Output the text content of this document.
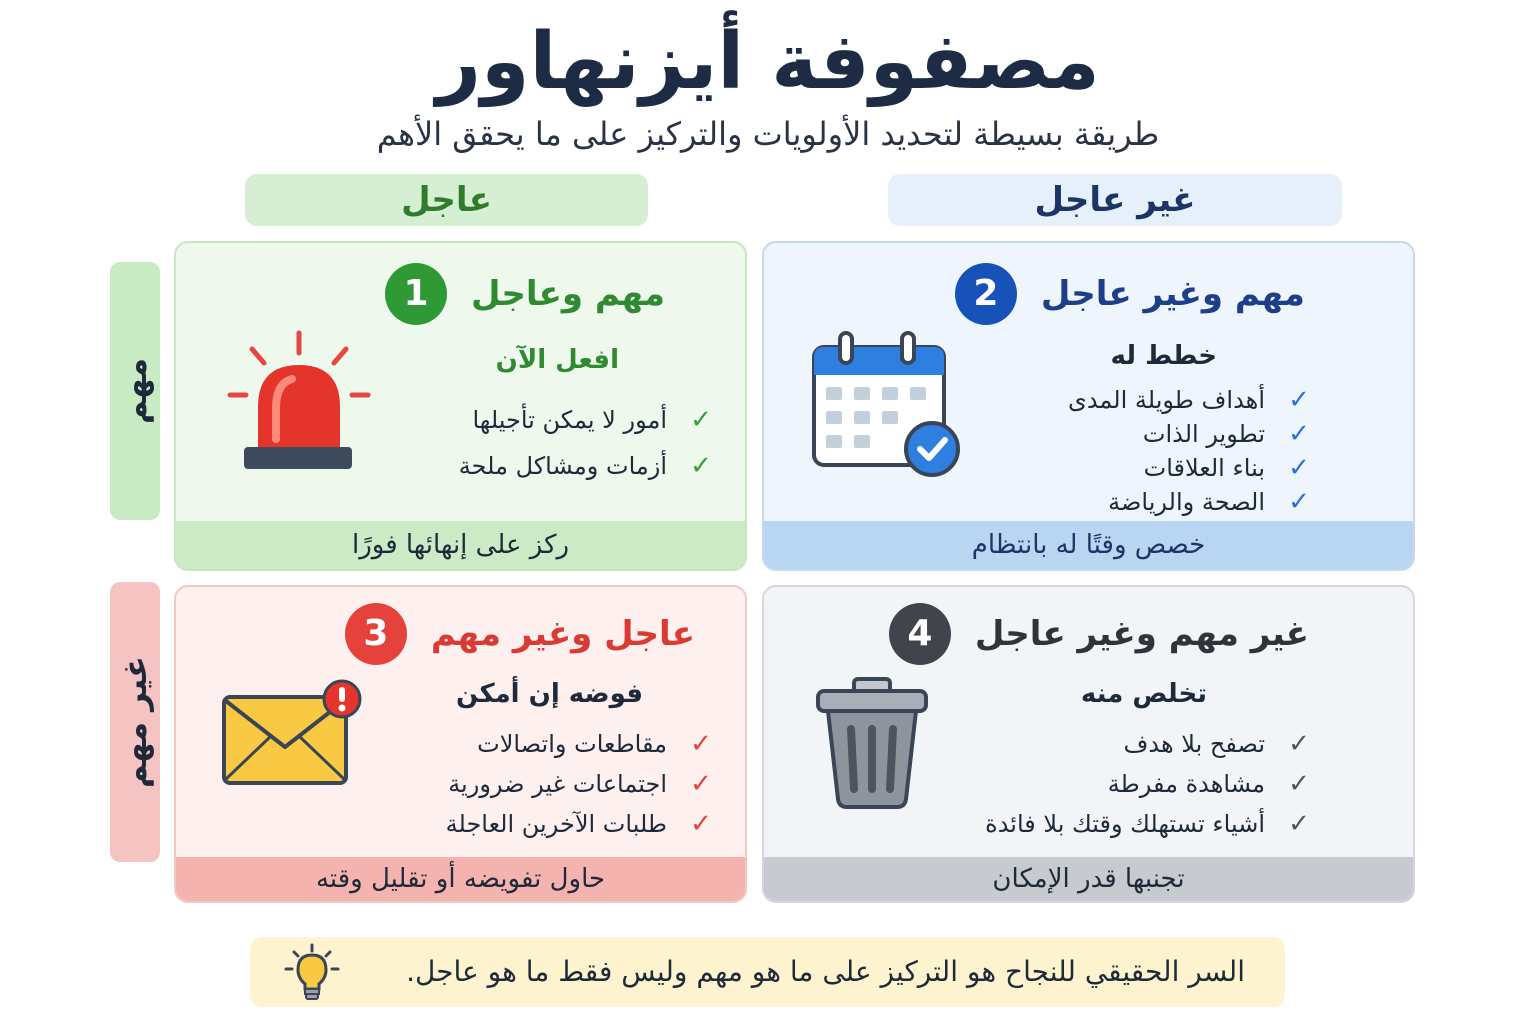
مصفوفة أيزنهاور
طريقة بسيطة لتحديد الأولويات والتركيز على ما يحقق الأهم
عاجل	غير عاجل
مهم
غير مهم
مهم وعاجل
1
افعل الآن
✓
أمور لا يمكن تأجيلها
✓
أزمات ومشاكل ملحة
ركز على إنهائها فورًا
مهم وغير عاجل
2
خطط له
✓
أهداف طويلة المدى
✓
تطوير الذات
✓
بناء العلاقات
✓
الصحة والرياضة
خصص وقتًا له بانتظام
عاجل وغير مهم
3
فوضه إن أمكن
✓
مقاطعات واتصالات
✓
اجتماعات غير ضرورية
✓
طلبات الآخرين العاجلة
حاول تفويضه أو تقليل وقته
غير مهم وغير عاجل
4
تخلص منه
✓
تصفح بلا هدف
✓
مشاهدة مفرطة
✓
أشياء تستهلك وقتك بلا فائدة
تجنبها قدر الإمكان
السر الحقيقي للنجاح هو التركيز على ما هو مهم وليس فقط ما هو عاجل.
